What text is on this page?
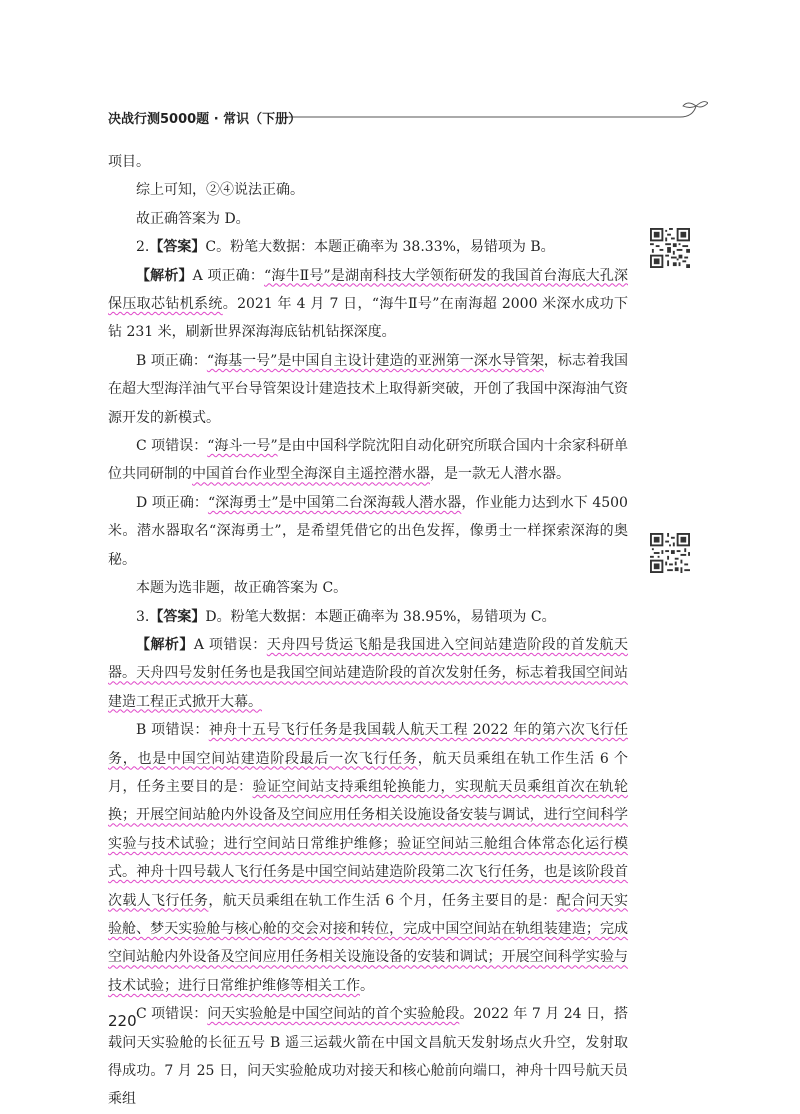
决战行测5000题 · 常识（下册）

项目。

综上可知，②④说法正确。

故正确答案为 D。

2.【答案】C。粉笔大数据：本题正确率为 38.33%，易错项为 B。

【解析】A 项正确：“海牛Ⅱ号”是湖南科技大学领衔研发的我国首台海底大孔深保压取芯钻机系统。2021 年 4 月 7 日，“海牛Ⅱ号”在南海超 2000 米深水成功下钻 231 米，刷新世界深海海底钻机钻探深度。

B 项正确：“海基一号”是中国自主设计建造的亚洲第一深水导管架，标志着我国在超大型海洋油气平台导管架设计建造技术上取得新突破，开创了我国中深海油气资源开发的新模式。

C 项错误：“海斗一号”是由中国科学院沈阳自动化研究所联合国内十余家科研单位共同研制的中国首台作业型全海深自主遥控潜水器，是一款无人潜水器。

D 项正确：“深海勇士”是中国第二台深海载人潜水器，作业能力达到水下 4500 米。潜水器取名“深海勇士”，是希望凭借它的出色发挥，像勇士一样探索深海的奥秘。

本题为选非题，故正确答案为 C。

3.【答案】D。粉笔大数据：本题正确率为 38.95%，易错项为 C。

【解析】A 项错误：天舟四号货运飞船是我国进入空间站建造阶段的首发航天器。天舟四号发射任务也是我国空间站建造阶段的首次发射任务，标志着我国空间站建造工程正式掀开大幕。

B 项错误：神舟十五号飞行任务是我国载人航天工程 2022 年的第六次飞行任务，也是中国空间站建造阶段最后一次飞行任务，航天员乘组在轨工作生活 6 个月，任务主要目的是：验证空间站支持乘组轮换能力，实现航天员乘组首次在轨轮换；开展空间站舱内外设备及空间应用任务相关设施设备安装与调试，进行空间科学实验与技术试验；进行空间站日常维护维修；验证空间站三舱组合体常态化运行模式。神舟十四号载人飞行任务是中国空间站建造阶段第二次飞行任务，也是该阶段首次载人飞行任务，航天员乘组在轨工作生活 6 个月，任务主要目的是：配合问天实验舱、梦天实验舱与核心舱的交会对接和转位，完成中国空间站在轨组装建造；完成空间站舱内外设备及空间应用任务相关设施设备的安装和调试；开展空间科学实验与技术试验；进行日常维护维修等相关工作。

C 项错误：问天实验舱是中国空间站的首个实验舱段。2022 年 7 月 24 日，搭载问天实验舱的长征五号 B 遥三运载火箭在中国文昌航天发射场点火升空，发射取得成功。7 月 25 日，问天实验舱成功对接天和核心舱前向端口，神舟十四号航天员乘组

220
